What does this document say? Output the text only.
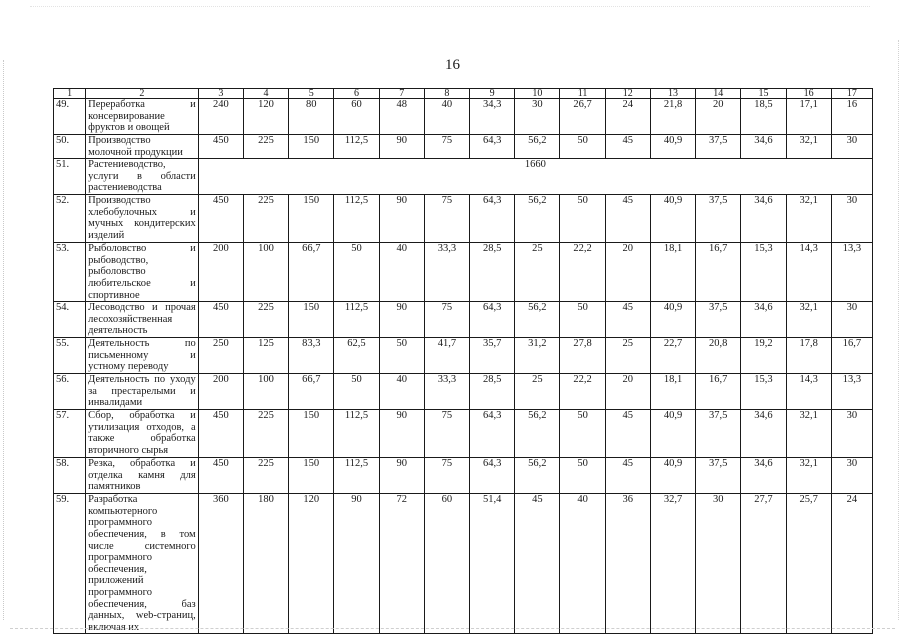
16
1	2	3	4	5	6	7	8	9	10	11	12	13	14	15	16	17
49.	Переработка и консервирование фруктов и овощей	240	120	80	60	48	40	34,3	30	26,7	24	21,8	20	18,5	17,1	16
50.	Производство молочной продукции	450	225	150	112,5	90	75	64,3	56,2	50	45	40,9	37,5	34,6	32,1	30
51.	Растениеводство, услуги в области растениеводства	1660														
52.	Производство хлебобулочных и мучных кондитерских изделий	450	225	150	112,5	90	75	64,3	56,2	50	45	40,9	37,5	34,6	32,1	30
53.	Рыболовство и рыбоводство, рыболовство любительское и спортивное	200	100	66,7	50	40	33,3	28,5	25	22,2	20	18,1	16,7	15,3	14,3	13,3
54.	Лесоводство и прочая лесохозяйственная деятельность	450	225	150	112,5	90	75	64,3	56,2	50	45	40,9	37,5	34,6	32,1	30
55.	Деятельность по письменному и устному переводу	250	125	83,3	62,5	50	41,7	35,7	31,2	27,8	25	22,7	20,8	19,2	17,8	16,7
56.	Деятельность по уходу за престарелыми и инвалидами	200	100	66,7	50	40	33,3	28,5	25	22,2	20	18,1	16,7	15,3	14,3	13,3
57.	Сбор, обработка и утилизация отходов, а также обработка вторичного сырья	450	225	150	112,5	90	75	64,3	56,2	50	45	40,9	37,5	34,6	32,1	30
58.	Резка, обработка и отделка камня для памятников	450	225	150	112,5	90	75	64,3	56,2	50	45	40,9	37,5	34,6	32,1	30
59.	Разработка компьютерного программного обеспечения, в том числе системного программного обеспечения, приложений программного обеспечения, баз данных, web-страниц, включая их	360	180	120	90	72	60	51,4	45	40	36	32,7	30	27,7	25,7	24
